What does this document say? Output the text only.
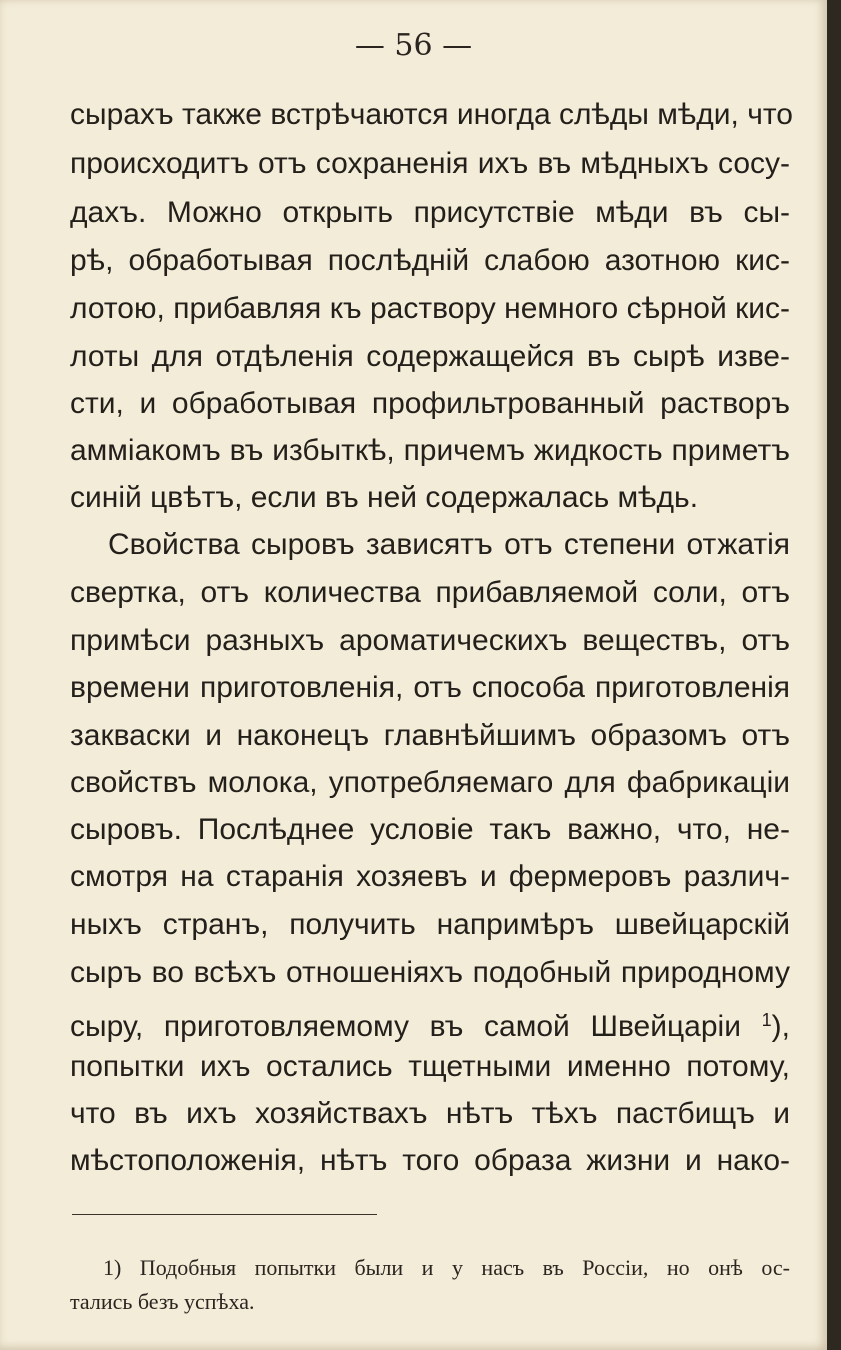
— 56 —
сырахъ также встрѣчаются иногда слѣды мѣди, что
происходитъ отъ сохраненія ихъ въ мѣдныхъ сосу-
дахъ. Можно открыть присутствіе мѣди въ сы-
рѣ, обработывая послѣдній слабою азотною кис-
лотою, прибавляя къ раствору немного сѣрной кис-
лоты для отдѣленія содержащейся въ сырѣ изве-
сти, и обработывая профильтрованный растворъ
амміакомъ въ избыткѣ, причемъ жидкость приметъ
синій цвѣтъ, если въ ней содержалась мѣдь.
Свойства сыровъ зависятъ отъ степени отжатія
свертка, отъ количества прибавляемой соли, отъ
примѣси разныхъ ароматическихъ веществъ, отъ
времени приготовленія, отъ способа приготовленія
закваски и наконецъ главнѣйшимъ образомъ отъ
свойствъ молока, употребляемаго для фабрикаціи
сыровъ. Послѣднее условіе такъ важно, что, не-
смотря на старанія хозяевъ и фермеровъ различ-
ныхъ странъ, получить напримѣръ швейцарскій
сыръ во всѣхъ отношеніяхъ подобный природному
сыру, приготовляемому въ самой Швейцаріи $^1$),
попытки ихъ остались тщетными именно потому,
что въ ихъ хозяйствахъ нѣтъ тѣхъ пастбищъ и
мѣстоположенія, нѣтъ того образа жизни и нако-
1) Подобныя попытки были и у насъ въ Россіи, но онѣ ос-
тались безъ успѣха.
